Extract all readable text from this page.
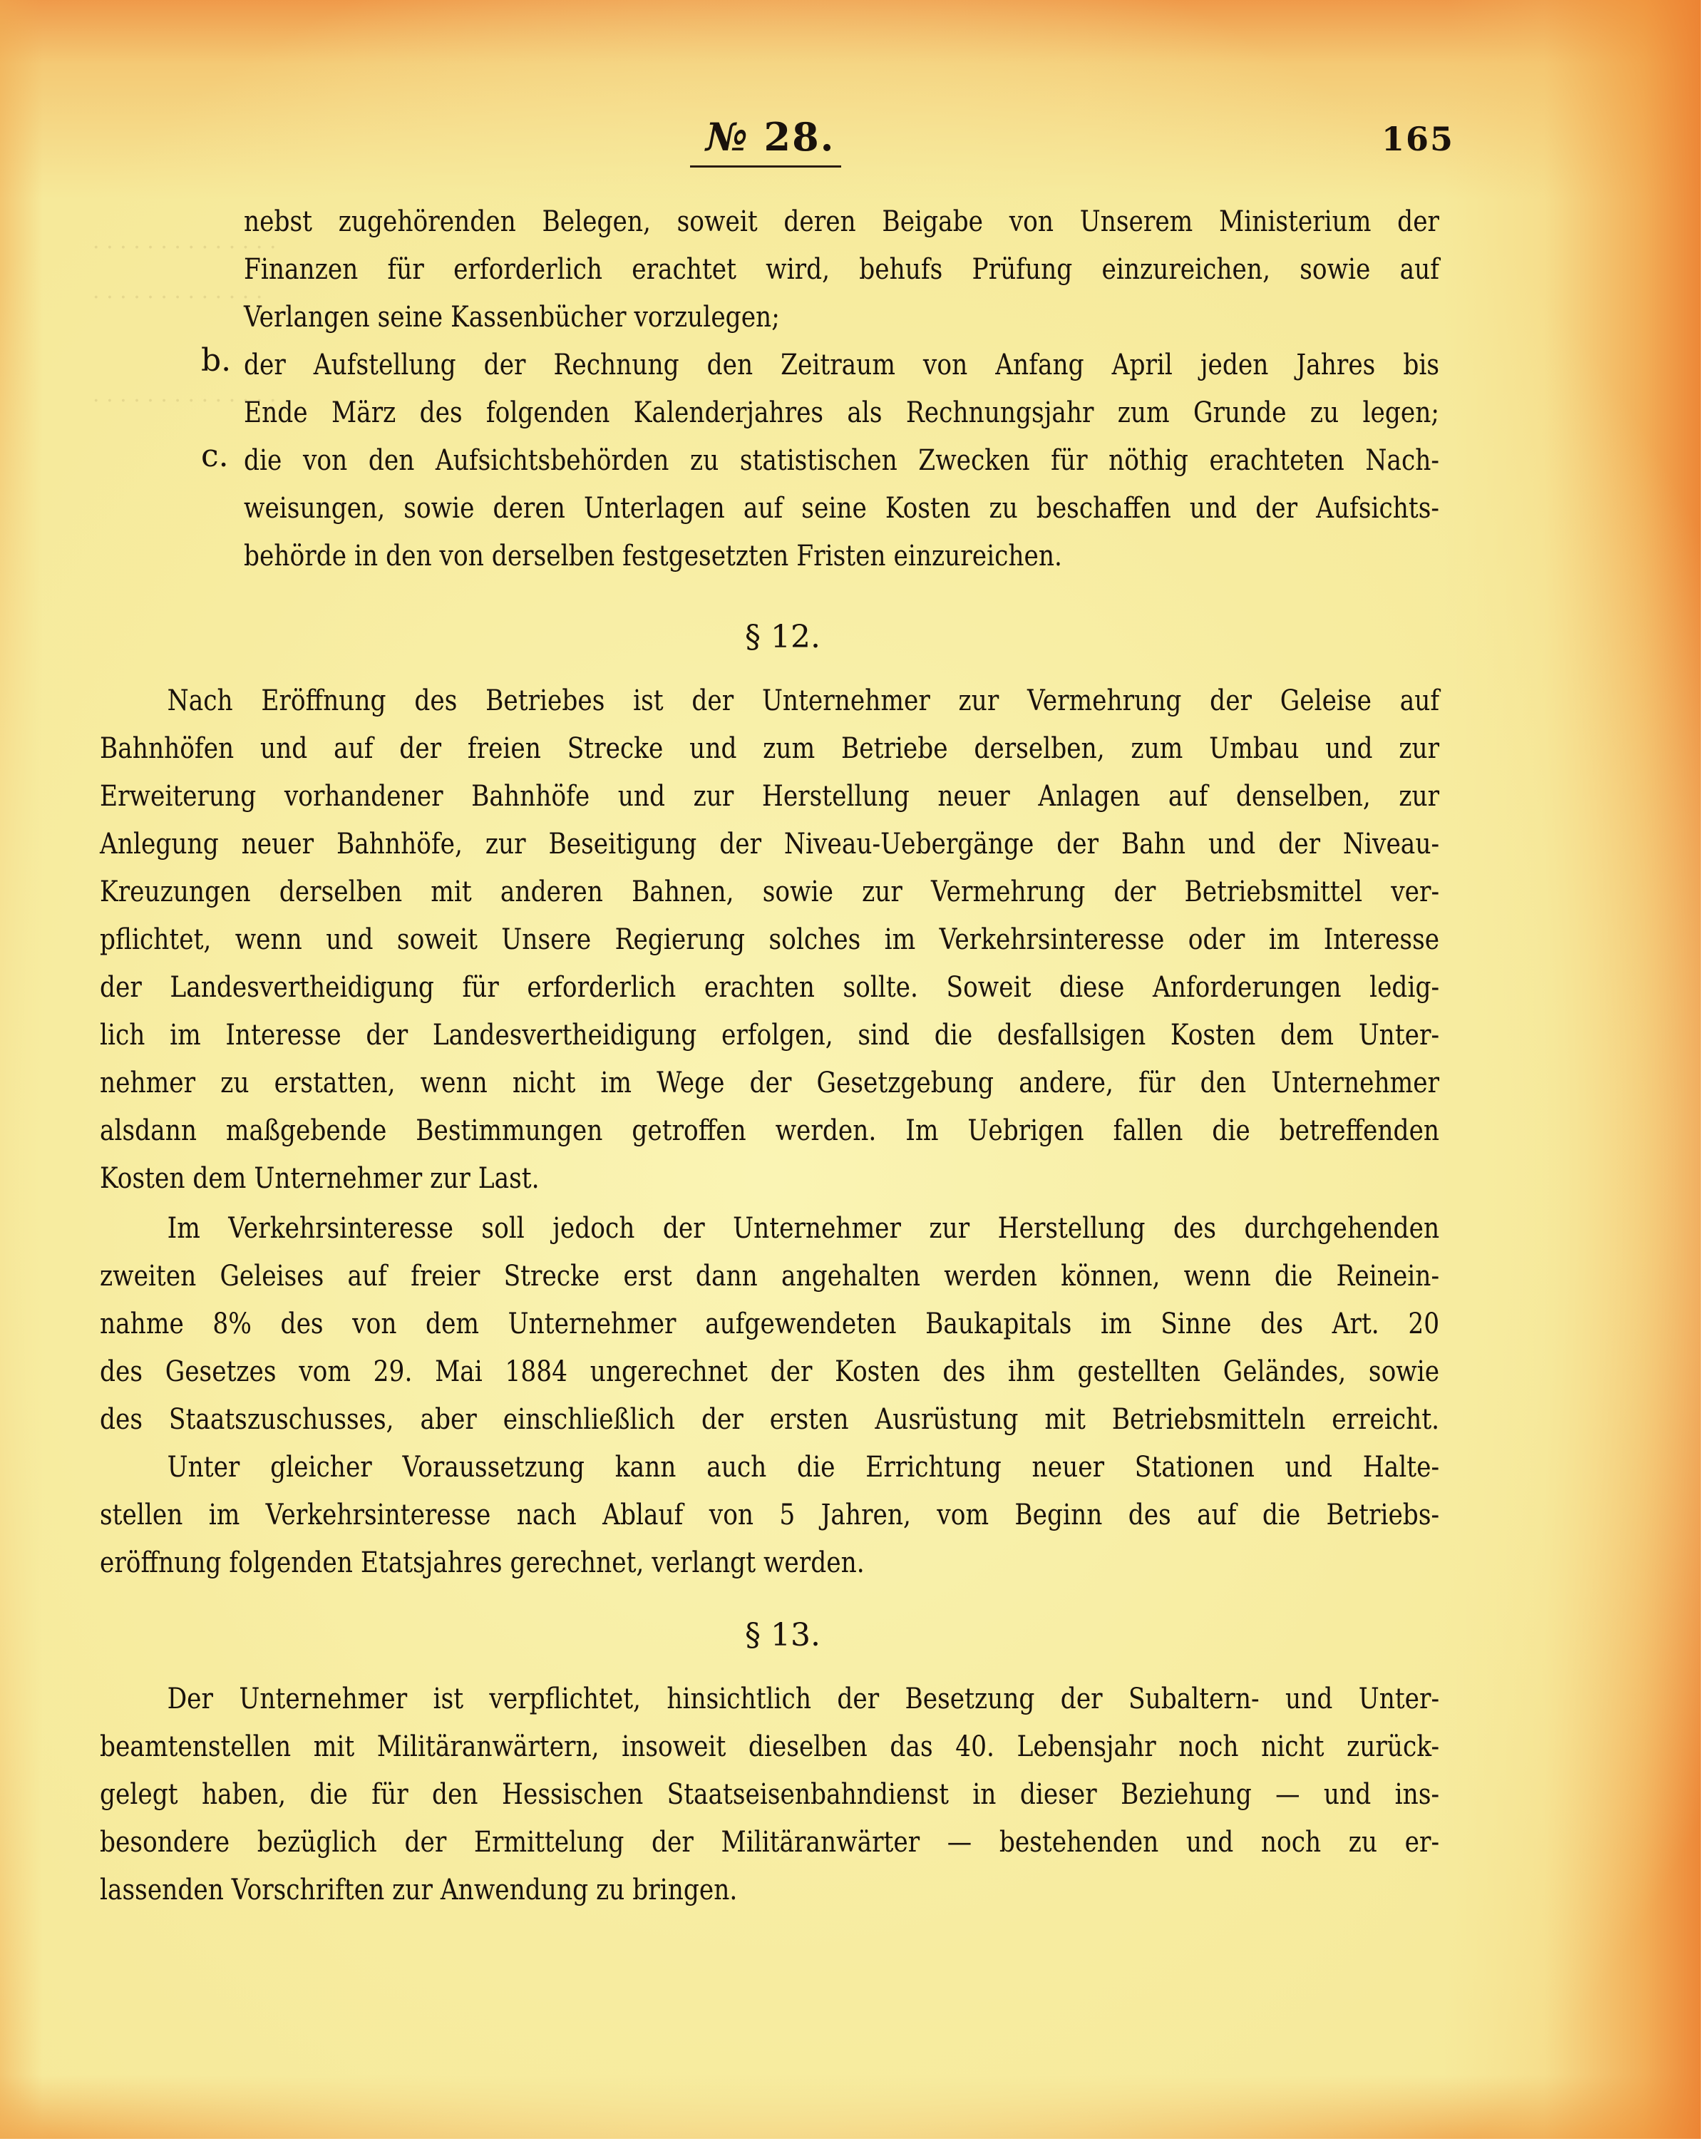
· · · · · · · · · · · · · ·
· · · · · · · · · · · · ·
· · · · · · · · · · · · · ·
№ 28.	165
nebst zugehörenden Belegen, soweit deren Beigabe von Unserem Ministerium der
Finanzen für erforderlich erachtet wird, behufs Prüfung einzureichen, sowie auf
Verlangen seine Kassenbücher vorzulegen;
b. der Aufstellung der Rechnung den Zeitraum von Anfang April jeden Jahres bis
Ende März des folgenden Kalenderjahres als Rechnungsjahr zum Grunde zu legen;
c. die von den Aufsichtsbehörden zu statistischen Zwecken für nöthig erachteten Nach-
weisungen, sowie deren Unterlagen auf seine Kosten zu beschaffen und der Aufsichts-
behörde in den von derselben festgesetzten Fristen einzureichen.
§ 12.
Nach Eröffnung des Betriebes ist der Unternehmer zur Vermehrung der Geleise auf
Bahnhöfen und auf der freien Strecke und zum Betriebe derselben, zum Umbau und zur
Erweiterung vorhandener Bahnhöfe und zur Herstellung neuer Anlagen auf denselben, zur
Anlegung neuer Bahnhöfe, zur Beseitigung der Niveau-Uebergänge der Bahn und der Niveau-
Kreuzungen derselben mit anderen Bahnen, sowie zur Vermehrung der Betriebsmittel ver-
pflichtet, wenn und soweit Unsere Regierung solches im Verkehrsinteresse oder im Interesse
der Landesvertheidigung für erforderlich erachten sollte. Soweit diese Anforderungen ledig-
lich im Interesse der Landesvertheidigung erfolgen, sind die desfallsigen Kosten dem Unter-
nehmer zu erstatten, wenn nicht im Wege der Gesetzgebung andere, für den Unternehmer
alsdann maßgebende Bestimmungen getroffen werden. Im Uebrigen fallen die betreffenden
Kosten dem Unternehmer zur Last.
Im Verkehrsinteresse soll jedoch der Unternehmer zur Herstellung des durchgehenden
zweiten Geleises auf freier Strecke erst dann angehalten werden können, wenn die Reinein-
nahme 8% des von dem Unternehmer aufgewendeten Baukapitals im Sinne des Art. 20
des Gesetzes vom 29. Mai 1884 ungerechnet der Kosten des ihm gestellten Geländes, sowie
des Staatszuschusses, aber einschließlich der ersten Ausrüstung mit Betriebsmitteln erreicht.
Unter gleicher Voraussetzung kann auch die Errichtung neuer Stationen und Halte-
stellen im Verkehrsinteresse nach Ablauf von 5 Jahren, vom Beginn des auf die Betriebs-
eröffnung folgenden Etatsjahres gerechnet, verlangt werden.
§ 13.
Der Unternehmer ist verpflichtet, hinsichtlich der Besetzung der Subaltern- und Unter-
beamtenstellen mit Militäranwärtern, insoweit dieselben das 40. Lebensjahr noch nicht zurück-
gelegt haben, die für den Hessischen Staatseisenbahndienst in dieser Beziehung — und ins-
besondere bezüglich der Ermittelung der Militäranwärter — bestehenden und noch zu er-
lassenden Vorschriften zur Anwendung zu bringen.
